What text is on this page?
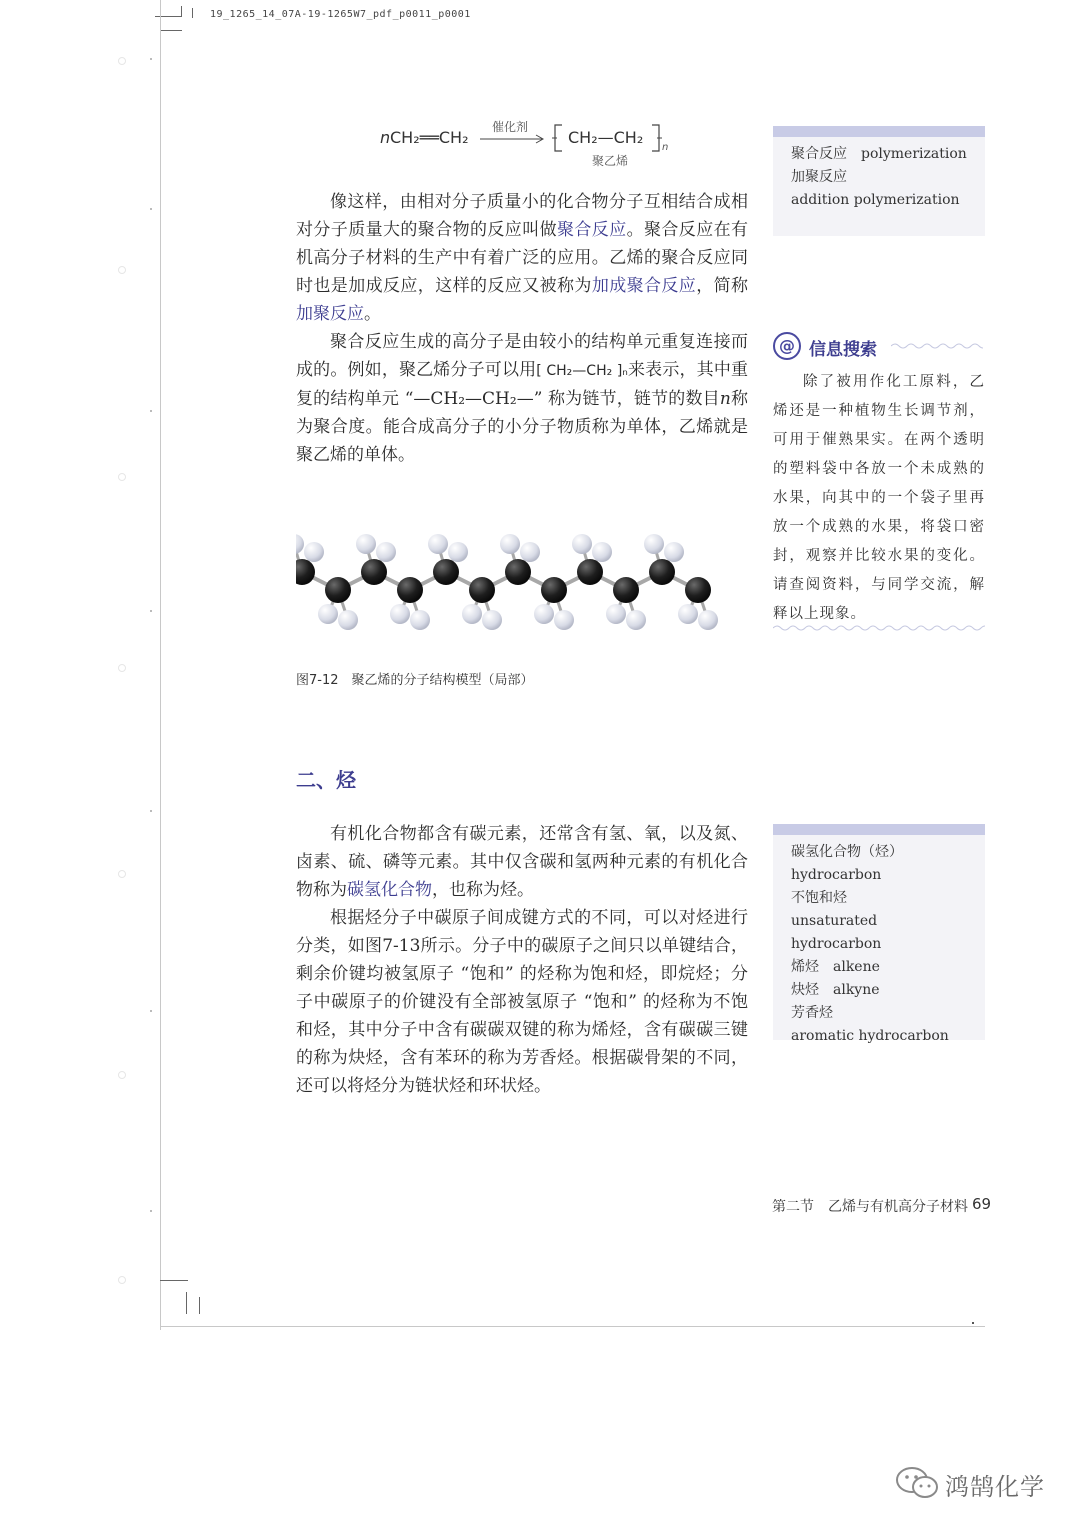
19_1265_14_07A-19-1265W7_pdf_p0011_p0001
n CH₂══CH₂
催化剂
CH₂—CH₂
n
聚乙烯
像这样，由相对分子质量小的化合物分子互相结合成相对分子质量大的聚合物的反应叫做聚合反应。聚合反应在有机高分子材料的生产中有着广泛的应用。乙烯的聚合反应同时也是加成反应，这样的反应又被称为加成聚合反应，简称加聚反应。
聚合反应生成的高分子是由较小的结构单元重复连接而成的。例如，聚乙烯分子可以用[ CH₂—CH₂ ]ₙ来表示，其中重复的结构单元 “—CH₂—CH₂—” 称为链节，链节的数目n称为聚合度。能合成高分子的小分子物质称为单体，乙烯就是聚乙烯的单体。
聚合反应　polymerization
加聚反应
addition polymerization
@ 信息搜索
除了被用作化工原料，乙烯还是一种植物生长调节剂，可用于催熟果实。在两个透明的塑料袋中各放一个未成熟的水果，向其中的一个袋子里再放一个成熟的水果，将袋口密封，观察并比较水果的变化。请查阅资料，与同学交流，解释以上现象。
图7-12　聚乙烯的分子结构模型（局部）
二、烃
有机化合物都含有碳元素，还常含有氢、氧，以及氮、卤素、硫、磷等元素。其中仅含碳和氢两种元素的有机化合物称为碳氢化合物，也称为烃。
根据烃分子中碳原子间成键方式的不同，可以对烃进行分类，如图7-13所示。分子中的碳原子之间只以单键结合，剩余价键均被氢原子 “饱和” 的烃称为饱和烃，即烷烃；分子中碳原子的价键没有全部被氢原子 “饱和” 的烃称为不饱和烃，其中分子中含有碳碳双键的称为烯烃，含有碳碳三键的称为炔烃，含有苯环的称为芳香烃。根据碳骨架的不同，还可以将烃分为链状烃和环状烃。
碳氢化合物（烃）
hydrocarbon
不饱和烃
unsaturated hydrocarbon
烯烃　alkene
炔烃　alkyne
芳香烃
aromatic hydrocarbon
第二节　乙烯与有机高分子材料 69
鸿鹄化学
